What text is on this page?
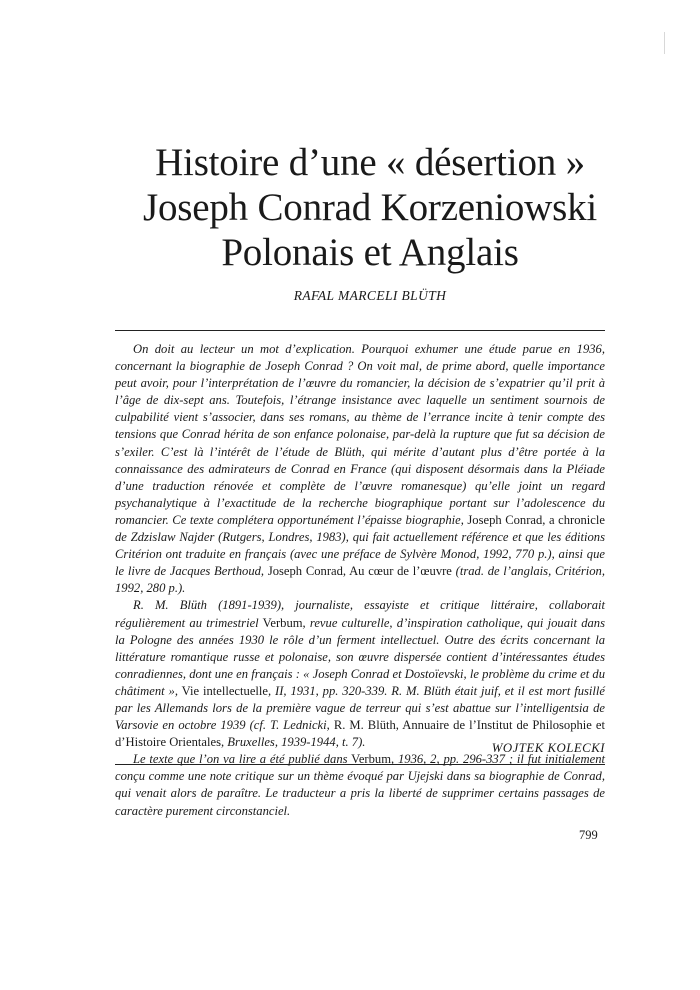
Histoire d’une « désertion »
Joseph Conrad Korzeniowski
Polonais et Anglais
RAFAL MARCELI BLÜTH

On doit au lecteur un mot d’explication. Pourquoi exhumer une étude parue en 1936, concernant la biographie de Joseph Conrad ? On voit mal, de prime abord, quelle importance peut avoir, pour l’interprétation de l’œuvre du romancier, la décision de s’expatrier qu’il prit à l’âge de dix-sept ans. Toutefois, l’étrange insistance avec laquelle un sentiment sournois de culpabilité vient s’associer, dans ses romans, au thème de l’errance incite à tenir compte des tensions que Conrad hérita de son enfance polonaise, par-delà la rupture que fut sa décision de s’exiler. C’est là l’intérêt de l’étude de Blüth, qui mérite d’autant plus d’être portée à la connaissance des admirateurs de Conrad en France (qui disposent désormais dans la Pléiade d’une traduction rénovée et complète de l’œuvre romanesque) qu’elle joint un regard psychanalytique à l’exactitude de la recherche biographique portant sur l’adolescence du romancier. Ce texte complétera opportunément l’épaisse biographie, Joseph Conrad, a chronicle de Zdzislaw Najder (Rutgers, Londres, 1983), qui fait actuellement référence et que les éditions Critérion ont traduite en français (avec une préface de Sylvère Monod, 1992, 770 p.), ainsi que le livre de Jacques Berthoud, Joseph Conrad, Au cœur de l’œuvre (trad. de l’anglais, Critérion, 1992, 280 p.).

R. M. Blüth (1891-1939), journaliste, essayiste et critique littéraire, collaborait régulièrement au trimestriel Verbum, revue culturelle, d’inspiration catholique, qui jouait dans la Pologne des années 1930 le rôle d’un ferment intellectuel. Outre des écrits concernant la littérature romantique russe et polonaise, son œuvre dispersée contient d’intéressantes études conradiennes, dont une en français : « Joseph Conrad et Dostoïevski, le problème du crime et du châtiment », Vie intellectuelle, II, 1931, pp. 320-339. R. M. Blüth était juif, et il est mort fusillé par les Allemands lors de la première vague de terreur qui s’est abattue sur l’intelligentsia de Varsovie en octobre 1939 (cf. T. Lednicki, R. M. Blüth, Annuaire de l’Institut de Philosophie et d’Histoire Orientales, Bruxelles, 1939-1944, t. 7).

Le texte que l’on va lire a été publié dans Verbum, 1936, 2, pp. 296-337 ; il fut initialement conçu comme une note critique sur un thème évoqué par Ujejski dans sa biographie de Conrad, qui venait alors de paraître. Le traducteur a pris la liberté de supprimer certains passages de caractère purement circonstanciel.

WOJTEK KOLECKI
799
